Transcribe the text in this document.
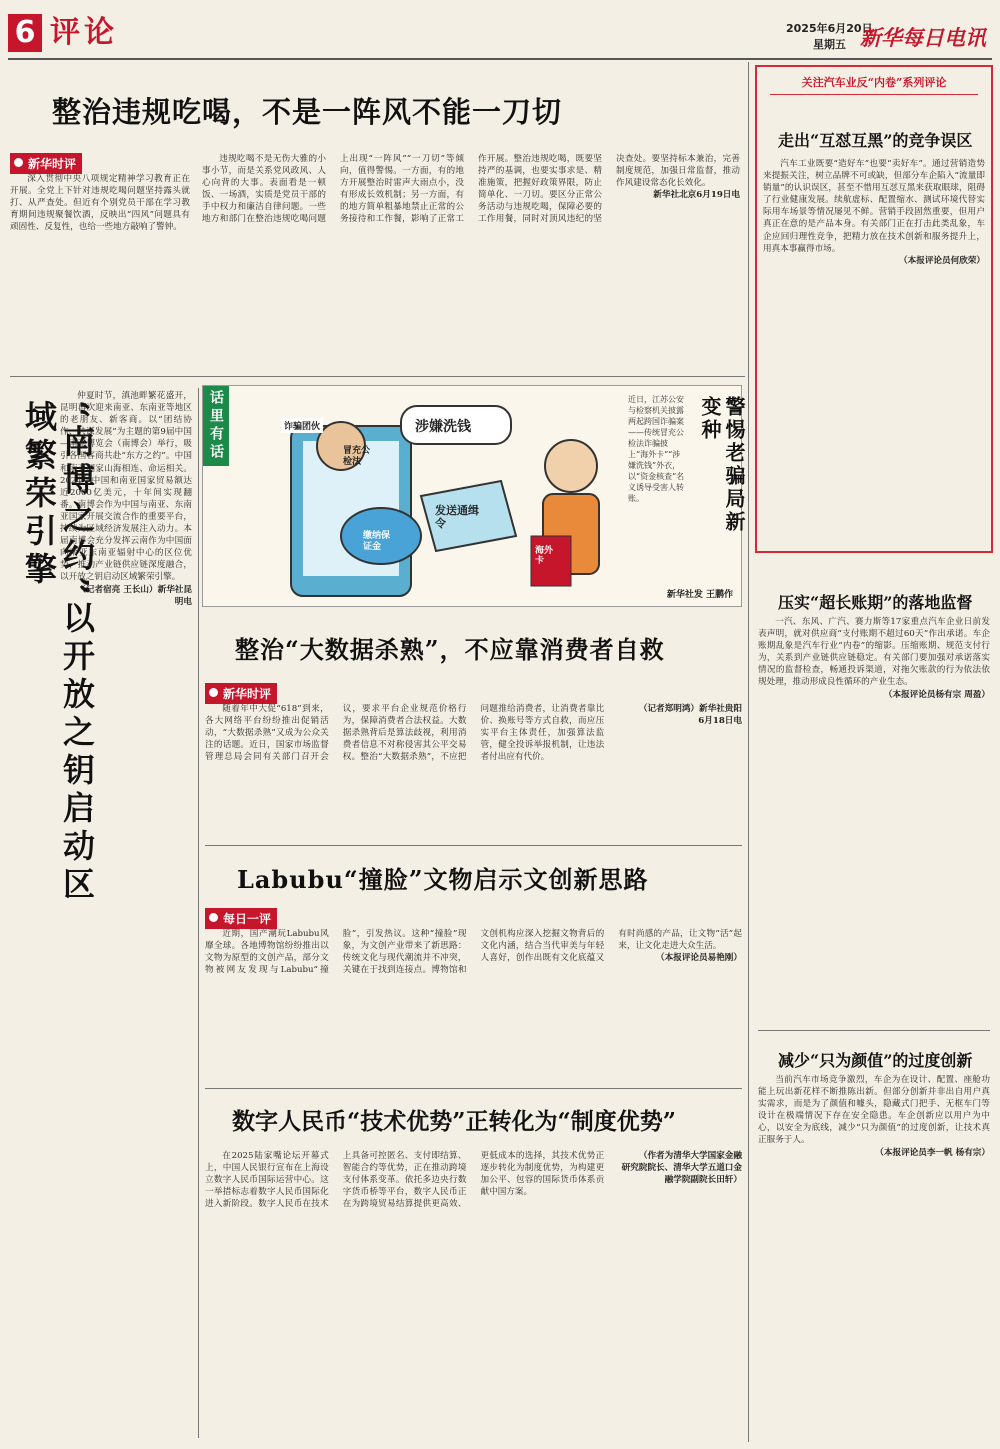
6 评论	2025年6月20日
星期五 新华每日电讯
整治违规吃喝，不是一阵风不能一刀切
新华时评

深入贯彻中央八项规定精神学习教育正在开展。全党上下针对违规吃喝问题坚持露头就打、从严查处。但近有个别党员干部在学习教育期间违规聚餐饮酒，反映出“四风”问题具有顽固性、反复性，也给一些地方敲响了警钟。

违规吃喝不是无伤大雅的小事小节，而是关系党风政风、人心向背的大事。表面看是一顿饭、一场酒，实质是党员干部的手中权力和廉洁自律问题。一些地方和部门在整治违规吃喝问题上出现“一阵风”“一刀切”等倾向，值得警惕。一方面，有的地方开展整治时雷声大雨点小，没有形成长效机制；另一方面，有的地方简单粗暴地禁止正常的公务接待和工作餐，影响了正常工作开展。整治违规吃喝，既要坚持严的基调，也要实事求是、精准施策，把握好政策界限，防止简单化、一刀切。要区分正常公务活动与违规吃喝，保障必要的工作用餐，同时对顶风违纪的坚决查处。要坚持标本兼治，完善制度规范，加强日常监督，推动作风建设常态化长效化。

新华社北京6月19日电

“南博之约”以开放之钥启动区域繁荣引擎

仲夏时节，滇池畔繁花盛开，昆明再次迎来南亚、东南亚等地区的老朋友、新客商。以“团结协作、共谋发展”为主题的第9届中国—南亚博览会（南博会）举行，吸引各国客商共赴“东方之约”。中国和南亚国家山海相连、命运相关。2024年中国和南亚国家贸易额达近2000亿美元，十年间实现翻番。南博会作为中国与南亚、东南亚国家开展交流合作的重要平台，持续为区域经济发展注入动力。本届南博会充分发挥云南作为中国面向南亚东南亚辐射中心的区位优势，推动产业链供应链深度融合，以开放之钥启动区域繁荣引擎。

（记者宿亮 王长山）新华社昆明电

话里有话	诈骗团伙
冒充公检法
涉嫌洗钱
发送通缉令
缴纳保证金	海外卡
近日，江苏公安与检察机关披露两起跨国诈骗案——传统冒充公检法诈骗披上“海外卡”“涉嫌洗钱”外衣，以“资金核查”名义诱导受害人转账。	警惕老骗局新变种
新华社发 王鹏作
整治“大数据杀熟”，不应靠消费者自救
新华时评

随着年中大促“618”到来，各大网络平台纷纷推出促销活动，“大数据杀熟”又成为公众关注的话题。近日，国家市场监督管理总局会同有关部门召开会议，要求平台企业规范价格行为，保障消费者合法权益。大数据杀熟背后是算法歧视，利用消费者信息不对称侵害其公平交易权。整治“大数据杀熟”，不应把问题推给消费者，让消费者靠比价、换账号等方式自救，而应压实平台主体责任，加强算法监管，健全投诉举报机制，让违法者付出应有代价。

（记者郑明鸿）新华社贵阳6月18日电

Labubu“撞脸”文物启示文创新思路
每日一评

近期，国产潮玩Labubu风靡全球。各地博物馆纷纷推出以文物为原型的文创产品，部分文物被网友发现与Labubu“撞脸”，引发热议。这种“撞脸”现象，为文创产业带来了新思路：传统文化与现代潮流并不冲突，关键在于找到连接点。博物馆和文创机构应深入挖掘文物背后的文化内涵，结合当代审美与年轻人喜好，创作出既有文化底蕴又有时尚感的产品，让文物“活”起来，让文化走进大众生活。

（本报评论员易艳刚）

数字人民币“技术优势”正转化为“制度优势”

在2025陆家嘴论坛开幕式上，中国人民银行宣布在上海设立数字人民币国际运营中心。这一举措标志着数字人民币国际化进入新阶段。数字人民币在技术上具备可控匿名、支付即结算、智能合约等优势，正在推动跨境支付体系变革。依托多边央行数字货币桥等平台，数字人民币正在为跨境贸易结算提供更高效、更低成本的选择，其技术优势正逐步转化为制度优势，为构建更加公平、包容的国际货币体系贡献中国方案。

（作者为清华大学国家金融研究院院长、清华大学五道口金融学院副院长田轩）

关注汽车业反“内卷”系列评论
走出“互怼互黑”的竞争误区

汽车工业既要“造好车”也要“卖好车”。通过营销造势来提振关注，树立品牌不可或缺，但部分车企陷入“流量即销量”的认识误区，甚至不惜用互怼互黑来获取眼球，阻碍了行业健康发展。续航虚标、配置缩水、测试环境代替实际用车场景等情况屡见不鲜。营销手段固然重要，但用户真正在意的是产品本身。有关部门正在打击此类乱象，车企应回归理性竞争，把精力放在技术创新和服务提升上，用真本事赢得市场。

（本报评论员何欣荣）

压实“超长账期”的落地监督

一汽、东风、广汽、赛力斯等17家重点汽车企业日前发表声明，就对供应商“支付账期不超过60天”作出承诺。车企账期乱象是汽车行业“内卷”的缩影。压缩账期、规范支付行为，关系到产业链供应链稳定。有关部门要加强对承诺落实情况的监督检查，畅通投诉渠道，对拖欠账款的行为依法依规处理，推动形成良性循环的产业生态。

（本报评论员杨有宗 周盈）

减少“只为颜值”的过度创新

当前汽车市场竞争激烈，车企为在设计、配置、座舱功能上玩出新花样不断推陈出新。但部分创新并非出自用户真实需求，而是为了颜值和噱头，隐藏式门把手、无框车门等设计在极端情况下存在安全隐患。车企创新应以用户为中心，以安全为底线，减少“只为颜值”的过度创新，让技术真正服务于人。

（本报评论员李一帆 杨有宗）
